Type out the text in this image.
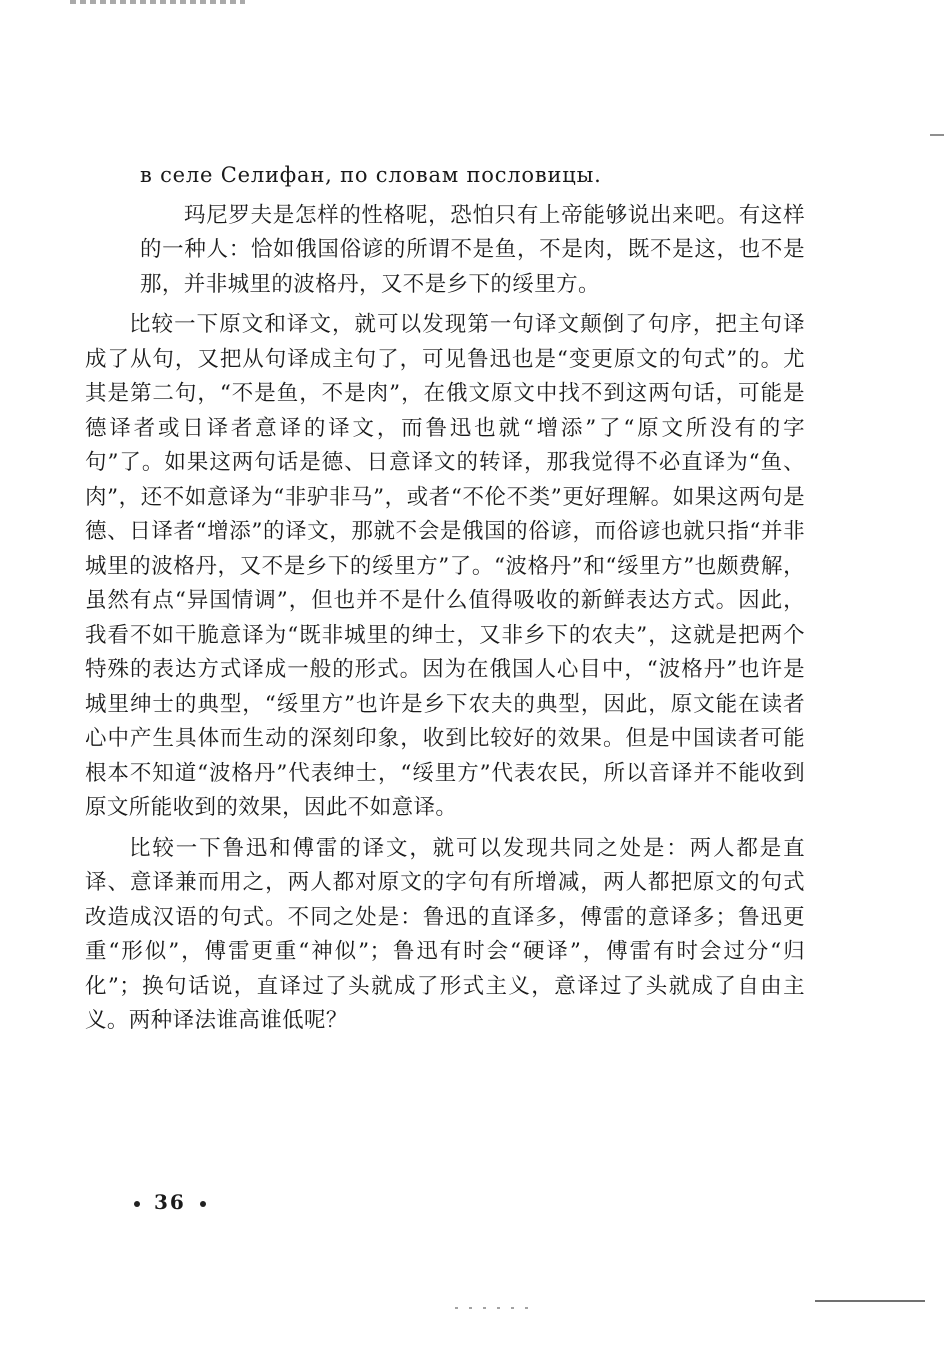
в селе Селифан, по словам пословицы.

玛尼罗夫是怎样的性格呢，恐怕只有上帝能够说出来吧。有这样的一种人：恰如俄国俗谚的所谓不是鱼，不是肉，既不是这，也不是那，并非城里的波格丹，又不是乡下的绥里方。

比较一下原文和译文，就可以发现第一句译文颠倒了句序，把主句译成了从句，又把从句译成主句了，可见鲁迅也是“变更原文的句式”的。尤其是第二句，“不是鱼，不是肉”，在俄文原文中找不到这两句话，可能是德译者或日译者意译的译文，而鲁迅也就“增添”了“原文所没有的字句”了。如果这两句话是德、日意译文的转译，那我觉得不必直译为“鱼、肉”，还不如意译为“非驴非马”，或者“不伦不类”更好理解。如果这两句是德、日译者“增添”的译文，那就不会是俄国的俗谚，而俗谚也就只指“并非城里的波格丹，又不是乡下的绥里方”了。“波格丹”和“绥里方”也颇费解，虽然有点“异国情调”，但也并不是什么值得吸收的新鲜表达方式。因此，我看不如干脆意译为“既非城里的绅士，又非乡下的农夫”，这就是把两个特殊的表达方式译成一般的形式。因为在俄国人心目中，“波格丹”也许是城里绅士的典型，“绥里方”也许是乡下农夫的典型，因此，原文能在读者心中产生具体而生动的深刻印象，收到比较好的效果。但是中国读者可能根本不知道“波格丹”代表绅士，“绥里方”代表农民，所以音译并不能收到原文所能收到的效果，因此不如意译。

比较一下鲁迅和傅雷的译文，就可以发现共同之处是：两人都是直译、意译兼而用之，两人都对原文的字句有所增减，两人都把原文的句式改造成汉语的句式。不同之处是：鲁迅的直译多，傅雷的意译多；鲁迅更重“形似”，傅雷更重“神似”；鲁迅有时会“硬译”，傅雷有时会过分“归化”；换句话说，直译过了头就成了形式主义，意译过了头就成了自由主义。两种译法谁高谁低呢？

36
